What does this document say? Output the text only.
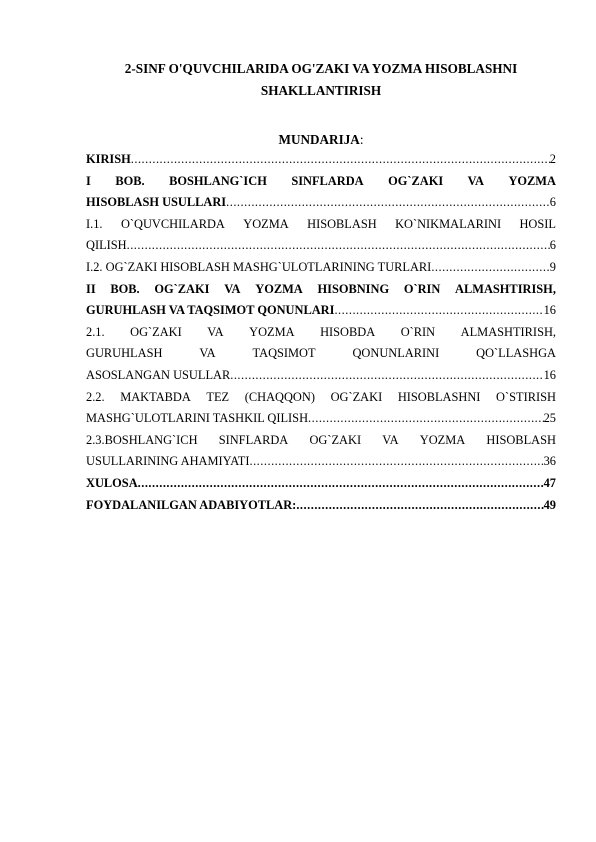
2-SINF O'QUVCHILARIDA OG'ZAKI VA YOZMA HISOBLASHNI
SHAKLLANTIRISH
MUNDARIJA:
KIRISH .....	2
I BOB. BOSHLANG`ICH SINFLARDA OG`ZAKI VA YOZMA
HISOBLASH USULLARI .....	6
I.1. O`QUVCHILARDA YOZMA HISOBLASH KO`NIKMALARINI HOSIL
QILISH .....	6
I.2. OG`ZAKI HISOBLASH MASHG`ULOTLARINING TURLARI .....	9
II BOB. OG`ZAKI VA YOZMA HISOBNING O`RIN ALMASHTIRISH,
GURUHLASH VA TAQSIMOT QONUNLARI .....	16
2.1. OG`ZAKI VA YOZMA HISOBDA O`RIN ALMASHTIRISH,
GURUHLASH	VA	TAQSIMOT	QONUNLARINI	QO`LLASHGA
ASOSLANGAN USULLAR .....	16
2.2. MAKTABDA TEZ (CHAQQON) OG`ZAKI HISOBLASHNI O`STIRISH
MASHG`ULOTLARINI TASHKIL QILISH .....	25
2.3.BOSHLANG`ICH SINFLARDA OG`ZAKI VA YOZMA HISOBLASH
USULLARINING AHAMIYATI .....	36
XULOSA .....	47
FOYDALANILGAN ADABIYOTLAR: .....	49
